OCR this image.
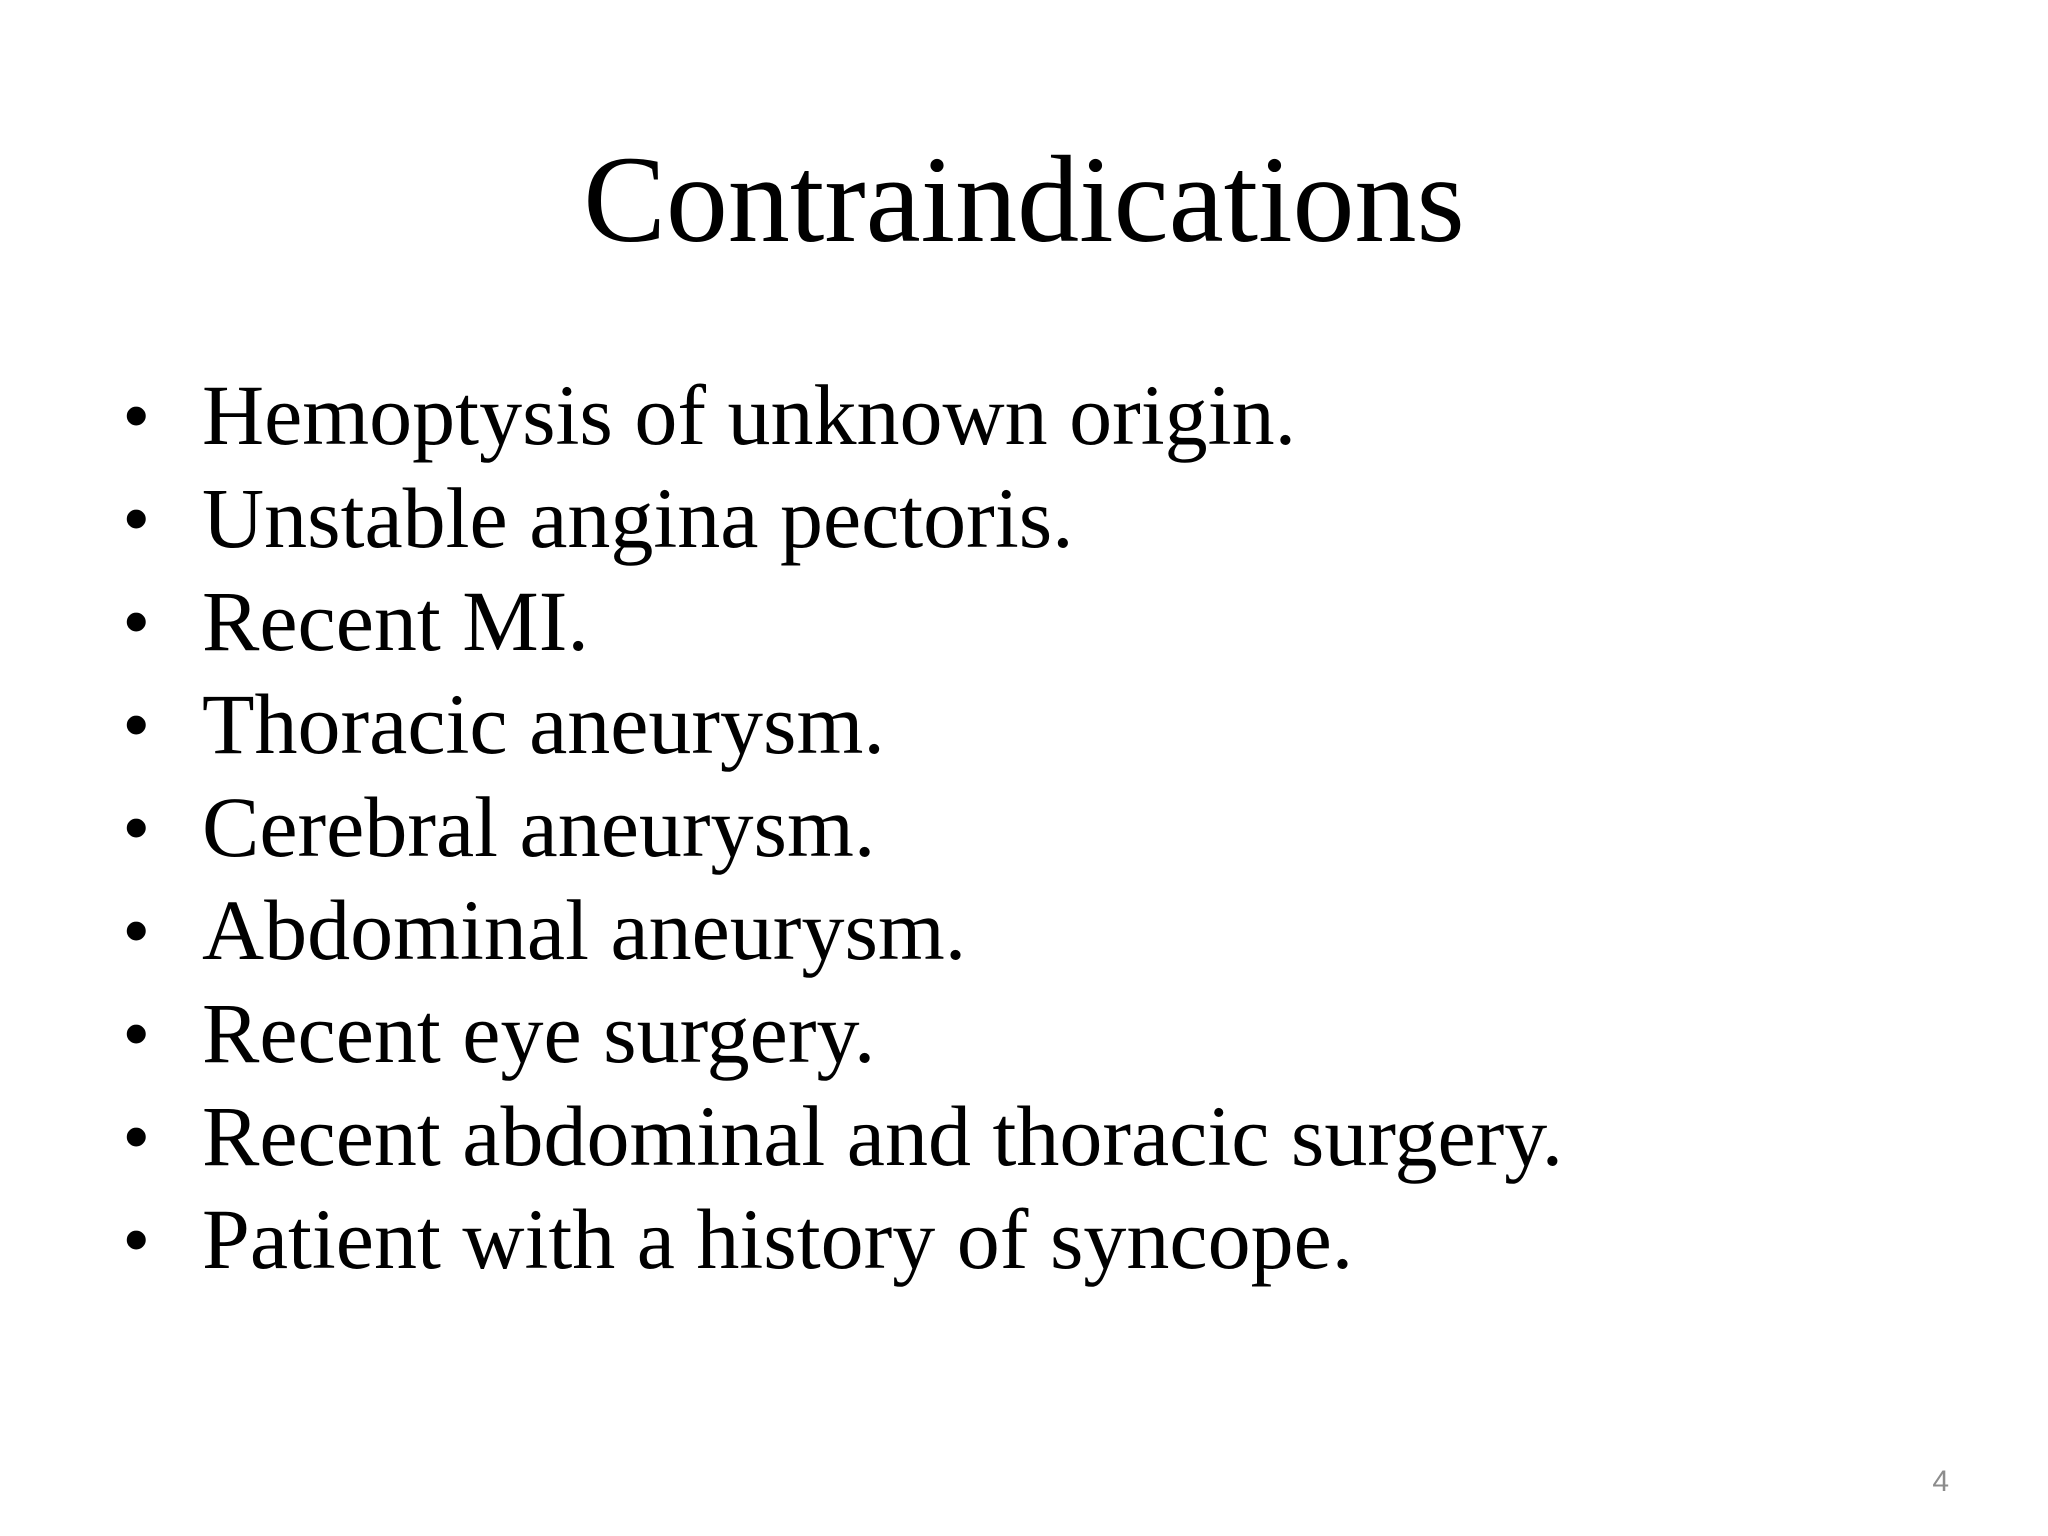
Contraindications
• Hemoptysis of unknown origin.
• Unstable angina pectoris.
• Recent MI.
• Thoracic aneurysm.
• Cerebral aneurysm.
• Abdominal aneurysm.
• Recent eye surgery.
• Recent abdominal and thoracic surgery.
• Patient with a history of syncope.
4
